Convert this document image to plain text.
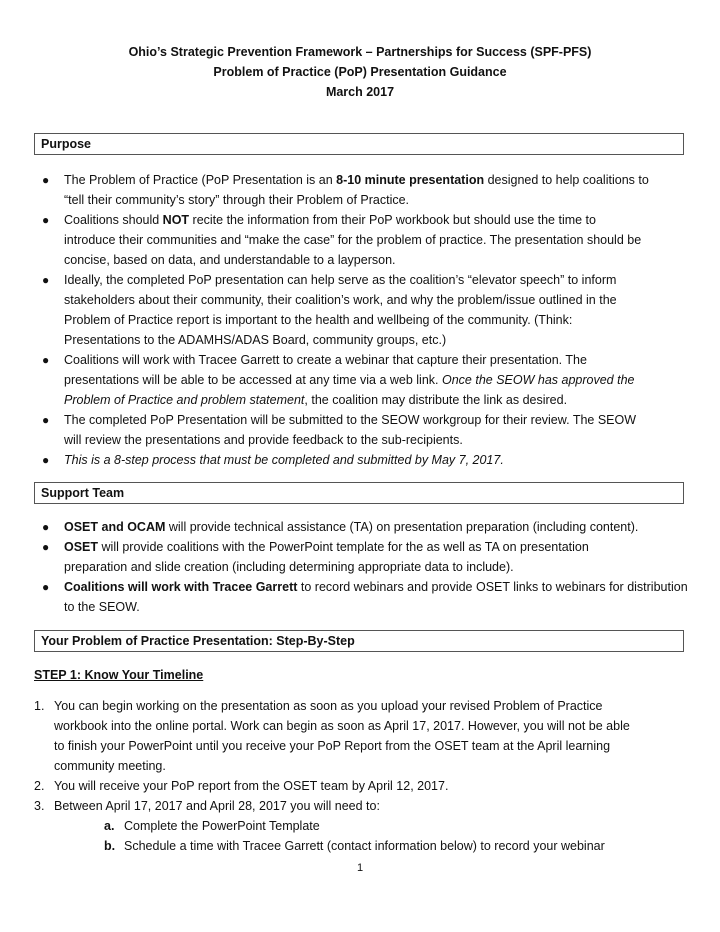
Ohio’s Strategic Prevention Framework – Partnerships for Success (SPF-PFS)
Problem of Practice (PoP) Presentation Guidance
March 2017
Purpose
● The Problem of Practice (PoP Presentation is an 8-10 minute presentation designed to help coalitions to
“tell their community’s story” through their Problem of Practice.
● Coalitions should NOT recite the information from their PoP workbook but should use the time to
introduce their communities and “make the case” for the problem of practice. The presentation should be
concise, based on data, and understandable to a layperson.
● Ideally, the completed PoP presentation can help serve as the coalition’s “elevator speech” to inform
stakeholders about their community, their coalition’s work, and why the problem/issue outlined in the
Problem of Practice report is important to the health and wellbeing of the community. (Think:
Presentations to the ADAMHS/ADAS Board, community groups, etc.)
● Coalitions will work with Tracee Garrett to create a webinar that capture their presentation. The
presentations will be able to be accessed at any time via a web link. Once the SEOW has approved the
Problem of Practice and problem statement, the coalition may distribute the link as desired.
● The completed PoP Presentation will be submitted to the SEOW workgroup for their review. The SEOW
will review the presentations and provide feedback to the sub-recipients.
● This is a 8-step process that must be completed and submitted by May 7, 2017.
Support Team
● OSET and OCAM will provide technical assistance (TA) on presentation preparation (including content).
● OSET will provide coalitions with the PowerPoint template for the as well as TA on presentation
preparation and slide creation (including determining appropriate data to include).
● Coalitions will work with Tracee Garrett to record webinars and provide OSET links to webinars for distribution
to the SEOW.
Your Problem of Practice Presentation: Step-By-Step
STEP 1: Know Your Timeline
1. You can begin working on the presentation as soon as you upload your revised Problem of Practice
workbook into the online portal. Work can begin as soon as April 17, 2017. However, you will not be able
to finish your PowerPoint until you receive your PoP Report from the OSET team at the April learning
community meeting.
2. You will receive your PoP report from the OSET team by April 12, 2017.
3. Between April 17, 2017 and April 28, 2017 you will need to:
a. Complete the PowerPoint Template
b. Schedule a time with Tracee Garrett (contact information below) to record your webinar
1
